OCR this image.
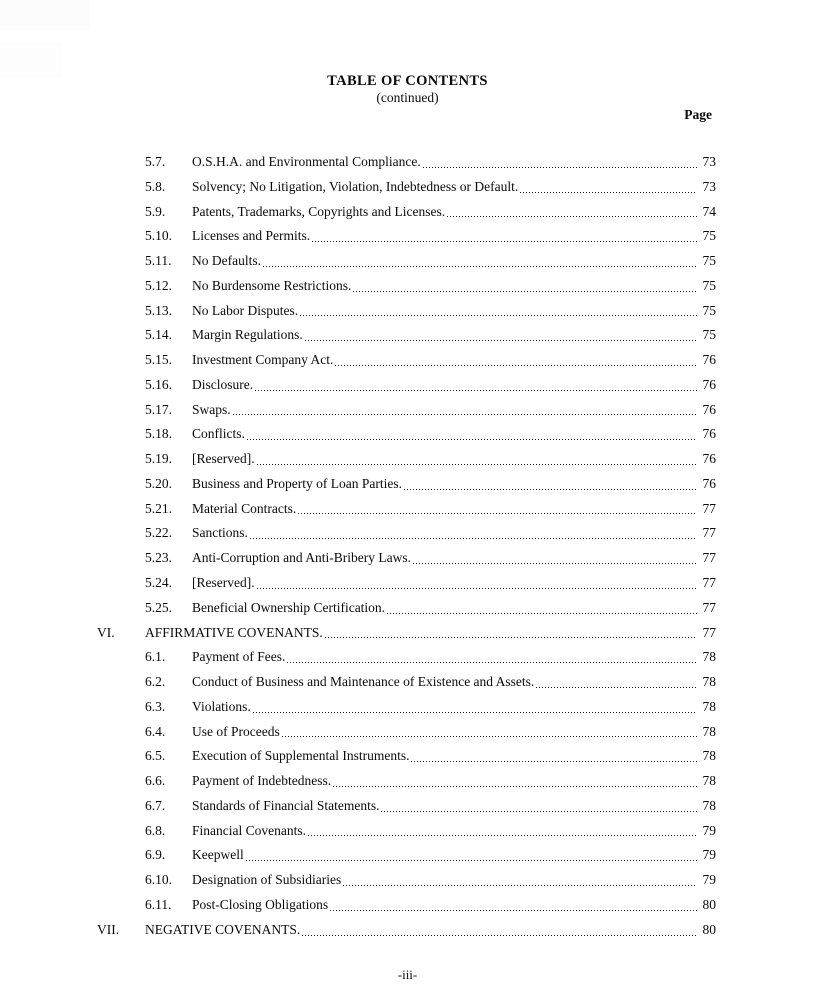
TABLE OF CONTENTS
(continued)
Page
5.7.	O.S.H.A. and Environmental Compliance.	73
5.8.	Solvency; No Litigation, Violation, Indebtedness or Default.	73
5.9.	Patents, Trademarks, Copyrights and Licenses.	74
5.10.	Licenses and Permits.	75
5.11.	No Defaults.	75
5.12.	No Burdensome Restrictions.	75
5.13.	No Labor Disputes.	75
5.14.	Margin Regulations.	75
5.15.	Investment Company Act.	76
5.16.	Disclosure.	76
5.17.	Swaps.	76
5.18.	Conflicts.	76
5.19.	[Reserved].	76
5.20.	Business and Property of Loan Parties.	76
5.21.	Material Contracts.	77
5.22.	Sanctions.	77
5.23.	Anti-Corruption and Anti-Bribery Laws.	77
5.24.	[Reserved].	77
5.25.	Beneficial Ownership Certification.	77
VI.	AFFIRMATIVE COVENANTS.	77
6.1.	Payment of Fees.	78
6.2.	Conduct of Business and Maintenance of Existence and Assets.	78
6.3.	Violations.	78
6.4.	Use of Proceeds	78
6.5.	Execution of Supplemental Instruments.	78
6.6.	Payment of Indebtedness.	78
6.7.	Standards of Financial Statements.	78
6.8.	Financial Covenants.	79
6.9.	Keepwell	79
6.10.	Designation of Subsidiaries	79
6.11.	Post-Closing Obligations	80
VII.	NEGATIVE COVENANTS.	80
-iii-
